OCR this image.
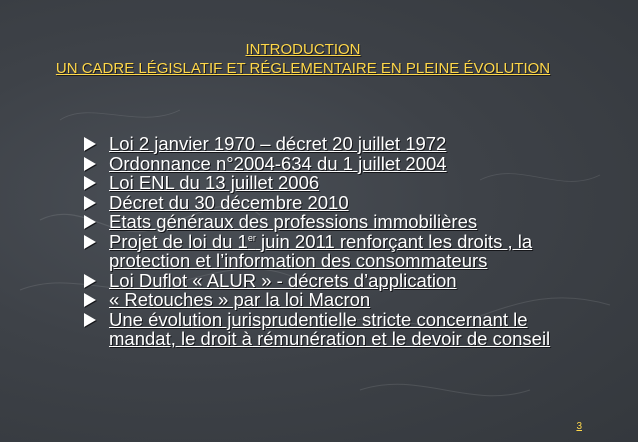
INTRODUCTION
UN CADRE LÉGISLATIF ET RÉGLEMENTAIRE EN PLEINE ÉVOLUTION
Loi 2 janvier 1970 – décret 20 juillet 1972
Ordonnance n°2004-634 du 1 juillet 2004
Loi ENL du 13 juillet 2006
Décret du 30 décembre 2010
Etats généraux des professions immobilières
Projet de loi du 1er juin 2011 renforçant les droits , la protection et l’information des consommateurs
Loi Duflot « ALUR » - décrets d’application
« Retouches » par la loi Macron
Une évolution jurisprudentielle stricte concernant le mandat, le droit à rémunération et le devoir de conseil
3
